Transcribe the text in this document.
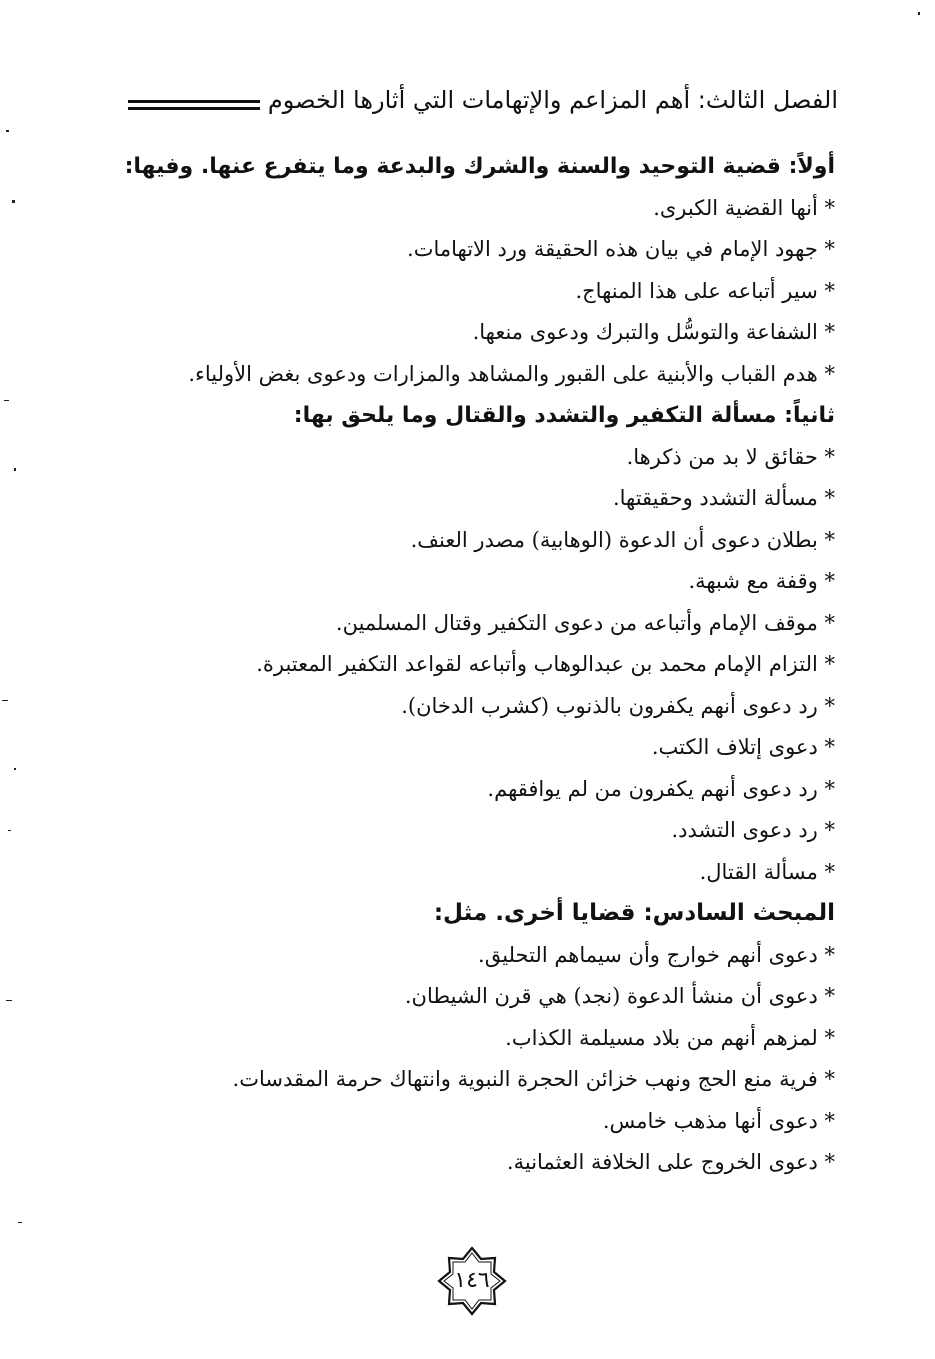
الفصل الثالث: أهم المزاعم والإتهامات التي أثارها الخصوم
أولاً: قضية التوحيد والسنة والشرك والبدعة وما يتفرع عنها. وفيها:
* أنها القضية الكبرى.
* جهود الإمام في بيان هذه الحقيقة ورد الاتهامات.
* سير أتباعه على هذا المنهاج.
* الشفاعة والتوسُّل والتبرك ودعوى منعها.
* هدم القباب والأبنية على القبور والمشاهد والمزارات ودعوى بغض الأولياء.
ثانياً: مسألة التكفير والتشدد والقتال وما يلحق بها:
* حقائق لا بد من ذكرها.
* مسألة التشدد وحقيقتها.
* بطلان دعوى أن الدعوة (الوهابية) مصدر العنف.
* وقفة مع شبهة.
* موقف الإمام وأتباعه من دعوى التكفير وقتال المسلمين.
* التزام الإمام محمد بن عبدالوهاب وأتباعه لقواعد التكفير المعتبرة.
* رد دعوى أنهم يكفرون بالذنوب (كشرب الدخان).
* دعوى إتلاف الكتب.
* رد دعوى أنهم يكفرون من لم يوافقهم.
* رد دعوى التشدد.
* مسألة القتال.
المبحث السادس: قضايا أخرى. مثل:
* دعوى أنهم خوارج وأن سيماهم التحليق.
* دعوى أن منشأ الدعوة (نجد) هي قرن الشيطان.
* لمزهم أنهم من بلاد مسيلمة الكذاب.
* فرية منع الحج ونهب خزائن الحجرة النبوية وانتهاك حرمة المقدسات.
* دعوى أنها مذهب خامس.
* دعوى الخروج على الخلافة العثمانية.
١٤٦
